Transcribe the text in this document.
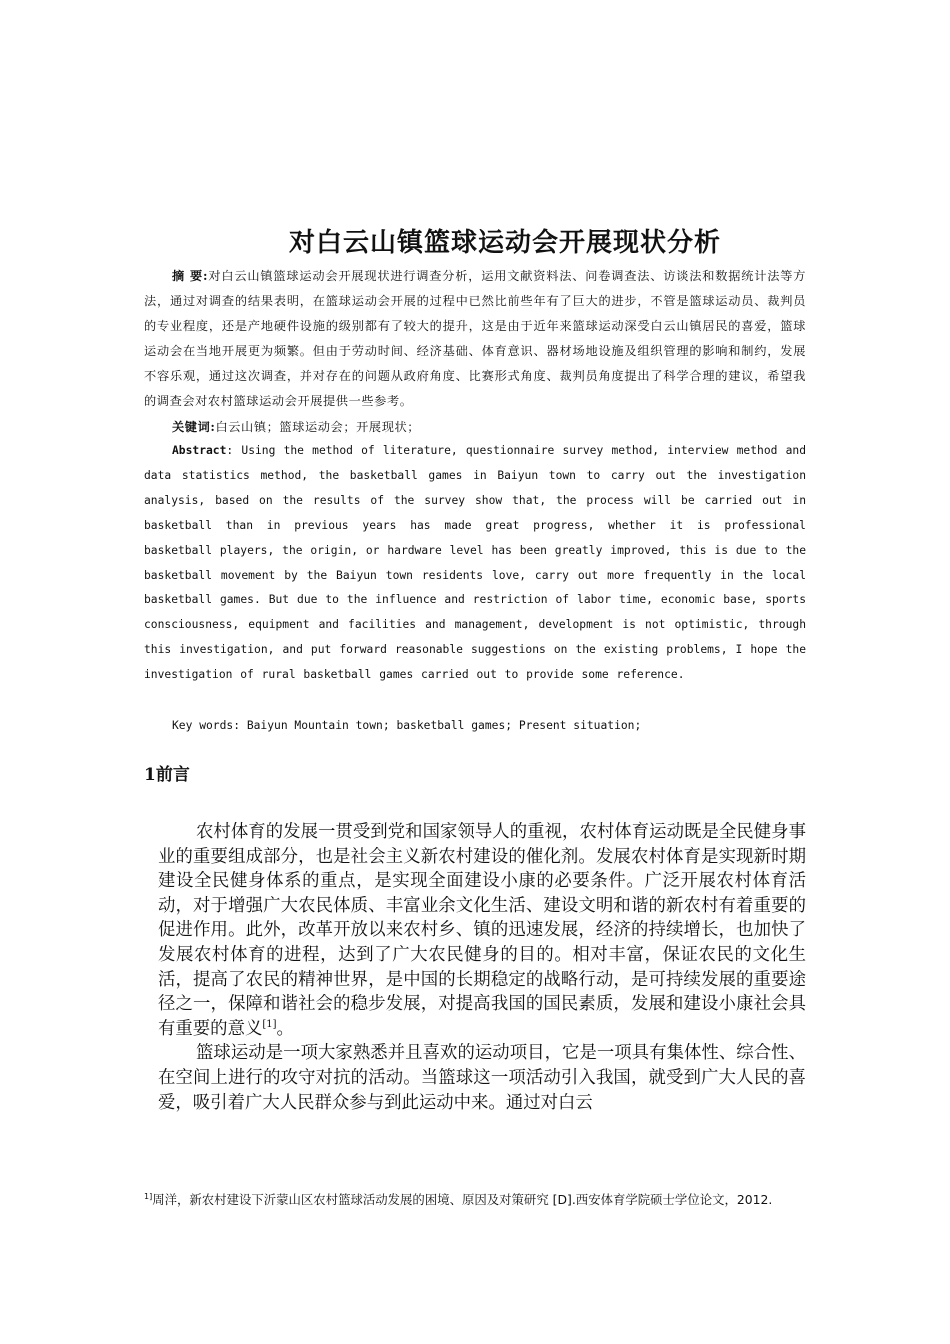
对白云山镇篮球运动会开展现状分析
摘 要:对白云山镇篮球运动会开展现状进行调查分析，运用文献资料法、问卷调查法、访谈法和数据统计法等方法，通过对调查的结果表明，在篮球运动会开展的过程中已然比前些年有了巨大的进步，不管是篮球运动员、裁判员的专业程度，还是产地硬件设施的级别都有了较大的提升，这是由于近年来篮球运动深受白云山镇居民的喜爱，篮球运动会在当地开展更为频繁。但由于劳动时间、经济基础、体育意识、器材场地设施及组织管理的影响和制约，发展不容乐观，通过这次调查，并对存在的问题从政府角度、比赛形式角度、裁判员角度提出了科学合理的建议，希望我的调查会对农村篮球运动会开展提供一些参考。
关键词:白云山镇；篮球运动会；开展现状；
Abstract: Using the method of literature, questionnaire survey method, interview method and data statistics method, the basketball games in Baiyun town to carry out the investigation analysis, based on the results of the survey show that, the process will be carried out in basketball than in previous years has made great progress, whether it is professional basketball players, the origin, or hardware level has been greatly improved, this is due to the basketball movement by the Baiyun town residents love, carry out more frequently in the local basketball games. But due to the influence and restriction of labor time, economic base, sports consciousness, equipment and facilities and management, development is not optimistic, through this investigation, and put forward reasonable suggestions on the existing problems, I hope the investigation of rural basketball games carried out to provide some reference.
Key words: Baiyun Mountain town; basketball games; Present situation;
1前言

农村体育的发展一贯受到党和国家领导人的重视，农村体育运动既是全民健身事业的重要组成部分，也是社会主义新农村建设的催化剂。发展农村体育是实现新时期建设全民健身体系的重点，是实现全面建设小康的必要条件。广泛开展农村体育活动，对于增强广大农民体质、丰富业余文化生活、建设文明和谐的新农村有着重要的促进作用。此外，改革开放以来农村乡、镇的迅速发展，经济的持续增长，也加快了发展农村体育的进程，达到了广大农民健身的目的。相对丰富，保证农民的文化生活，提高了农民的精神世界，是中国的长期稳定的战略行动，是可持续发展的重要途径之一，保障和谐社会的稳步发展，对提高我国的国民素质，发展和建设小康社会具有重要的意义[1]。

篮球运动是一项大家熟悉并且喜欢的运动项目，它是一项具有集体性、综合性、在空间上进行的攻守对抗的活动。当篮球这一项活动引入我国，就受到广大人民的喜爱，吸引着广大人民群众参与到此运动中来。通过对白云

$^{1]}$周洋，新农村建设下沂蒙山区农村篮球活动发展的困境、原因及对策研究 [D].西安体育学院硕士学位论文，2012.
